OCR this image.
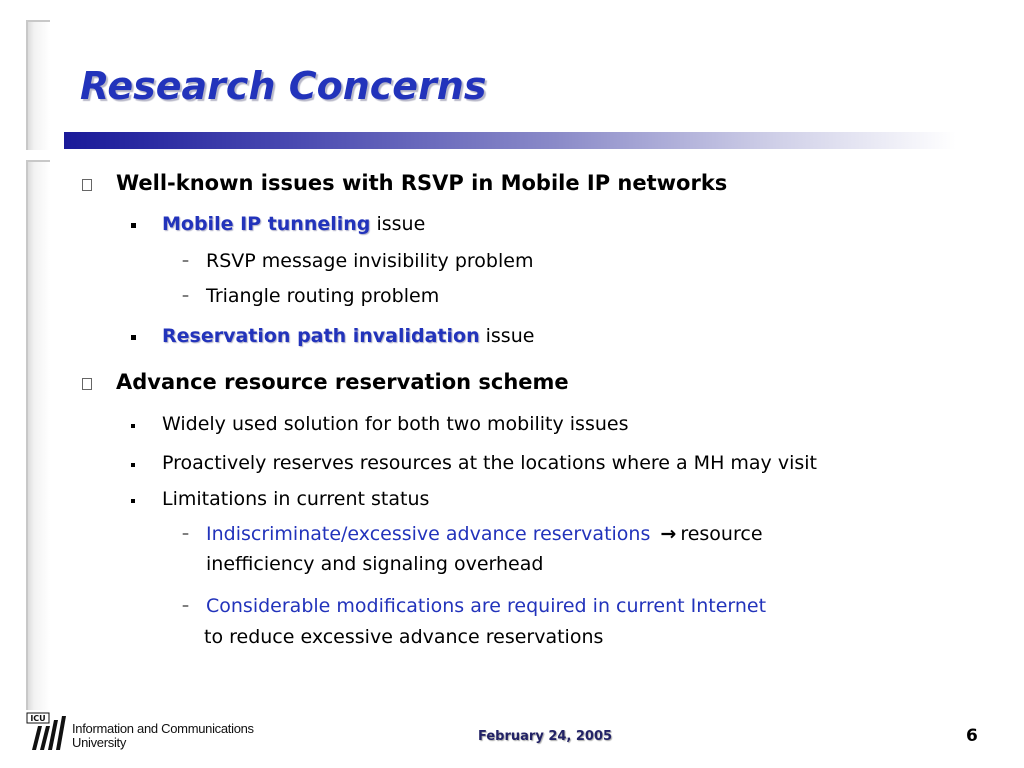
Research Concerns
Well-known issues with RSVP in Mobile IP networks
Mobile IP tunneling issue
– RSVP message invisibility problem
– Triangle routing problem
Reservation path invalidation issue
Advance resource reservation scheme
Widely used solution for both two mobility issues
Proactively reserves resources at the locations where a MH may visit
Limitations in current status
– Indiscriminate/excessive advance reservations → resource
inefficiency and signaling overhead
– Considerable modifications are required in current Internet
to reduce excessive advance reservations
ICU
Information and Communications
University	February 24, 2005	6
